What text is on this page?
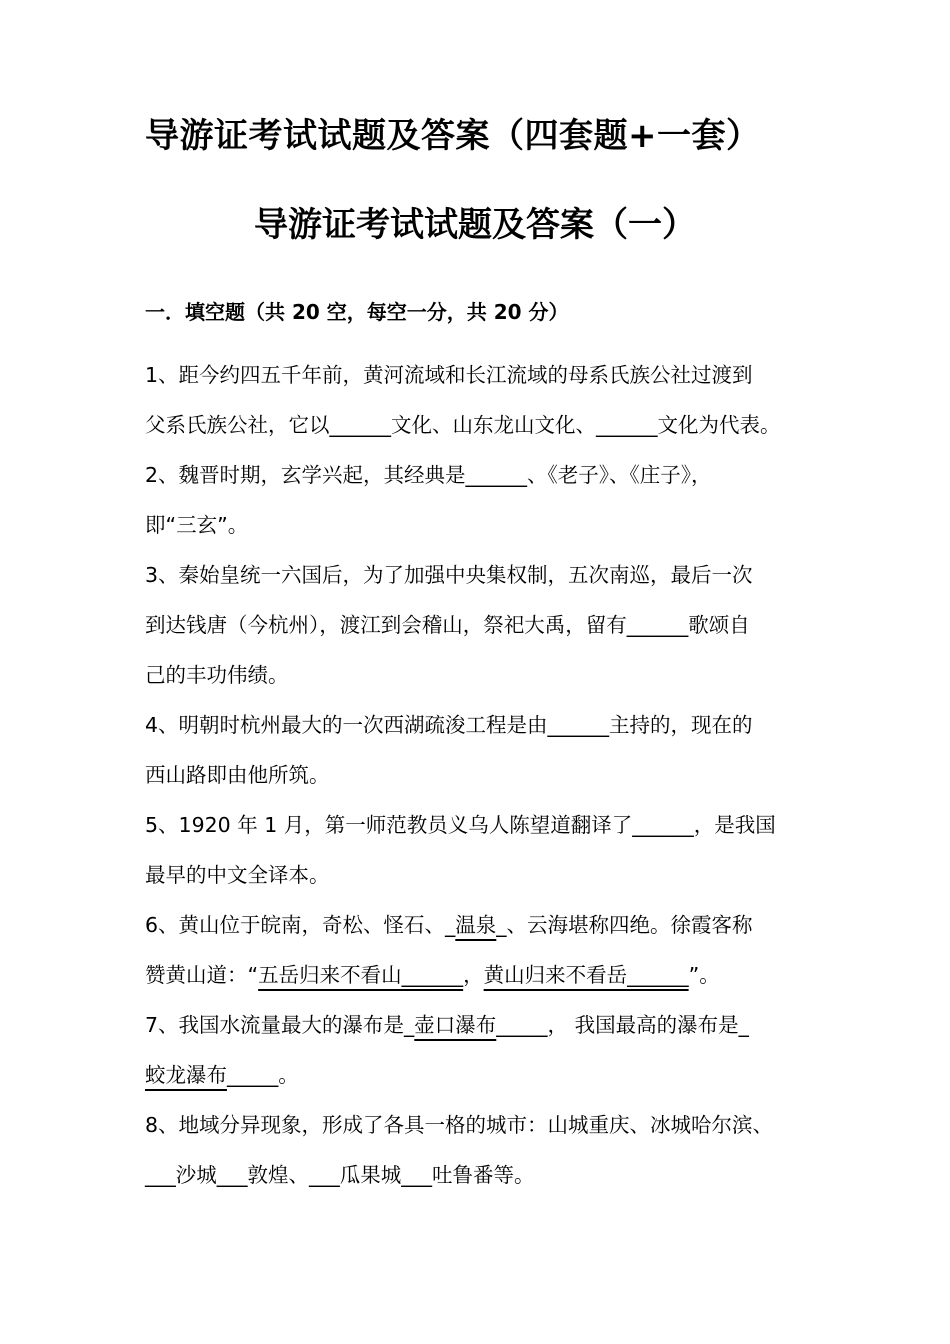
导游证考试试题及答案（四套题+一套）
导游证考试试题及答案（一）
一．填空题（共 20 空，每空一分，共 20 分）
1、距今约四五千年前，黄河流域和长江流域的母系氏族公社过渡到
父系氏族公社，它以______文化、山东龙山文化、______文化为代表。
2、魏晋时期，玄学兴起，其经典是______、《老子》、《庄子》，
即“三玄”。
3、秦始皇统一六国后，为了加强中央集权制，五次南巡，最后一次
到达钱唐（今杭州），渡江到会稽山，祭祀大禹，留有______歌颂自
己的丰功伟绩。
4、明朝时杭州最大的一次西湖疏浚工程是由______主持的，现在的
西山路即由他所筑。
5、1920 年 1 月，第一师范教员义乌人陈望道翻译了______，是我国
最早的中文全译本。
6、黄山位于皖南，奇松、怪石、_温泉_、云海堪称四绝。徐霞客称
赞黄山道：“五岳归来不看山______，黄山归来不看岳______”。
7、我国水流量最大的瀑布是_壶口瀑布_____， 我国最高的瀑布是_
蛟龙瀑布_____。
8、地域分异现象，形成了各具一格的城市：山城重庆、冰城哈尔滨、
___沙城___敦煌、___瓜果城___吐鲁番等。
